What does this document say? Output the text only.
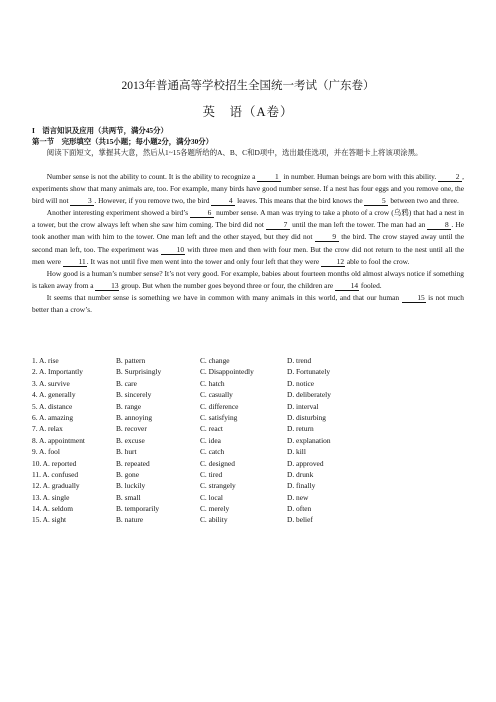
2013年普通高等学校招生全国统一考试（广东卷）
英　语（A卷）
I　语言知识及应用（共两节，满分45分）
第一节　完形填空（共15小题；每小题2分，满分30分）

阅读下面短文，掌握其大意，然后从1~15各题所给的A、B、C和D项中，选出最佳选项，并在答题卡上将该项涂黑。

Number sense is not the ability to count. It is the ability to recognize a 1 in number. Human beings are born with this ability. 2 , experiments show that many animals are, too. For example, many birds have good number sense. If a nest has four eggs and you remove one, the bird will not 3 . However, if you remove two, the bird 4 leaves. This means that the bird knows the 5 between two and three.

Another interesting experiment showed a bird’s 6 number sense. A man was trying to take a photo of a crow (乌鸦) that had a nest in a tower, but the crow always left when she saw him coming. The bird did not 7 until the man left the tower. The man had an 8 . He took another man with him to the tower. One man left and the other stayed, but they did not 9 the bird. The crow stayed away until the second man left, too. The experiment was 10 with three men and then with four men. But the crow did not return to the nest until all the men were 11. It was not until five men went into the tower and only four left that they were 12 able to fool the crow.

How good is a human’s number sense? It’s not very good. For example, babies about fourteen months old almost always notice if something is taken away from a 13 group. But when the number goes beyond three or four, the children are 14 fooled.

It seems that number sense is something we have in common with many animals in this world, and that our human 15 is not much better than a crow’s.

1. A. rise	B. pattern	C. change	D. trend
2. A. Importantly	B. Surprisingly	C. Disappointedly	D. Fortunately
3. A. survive	B. care	C. hatch	D. notice
4. A. generally	B. sincerely	C. casually	D. deliberately
5. A. distance	B. range	C. difference	D. interval
6. A. amazing	B. annoying	C. satisfying	D. disturbing
7. A. relax	B. recover	C. react	D. return
8. A. appointment	B. excuse	C. idea	D. explanation
9. A. fool	B. hurt	C. catch	D. kill
10. A. reported	B. repeated	C. designed	D. approved
11. A. confused	B. gone	C. tired	D. drunk
12. A. gradually	B. luckily	C. strangely	D. finally
13. A. single	B. small	C. local	D. new
14. A. seldom	B. temporarily	C. merely	D. often
15. A. sight	B. nature	C. ability	D. belief
